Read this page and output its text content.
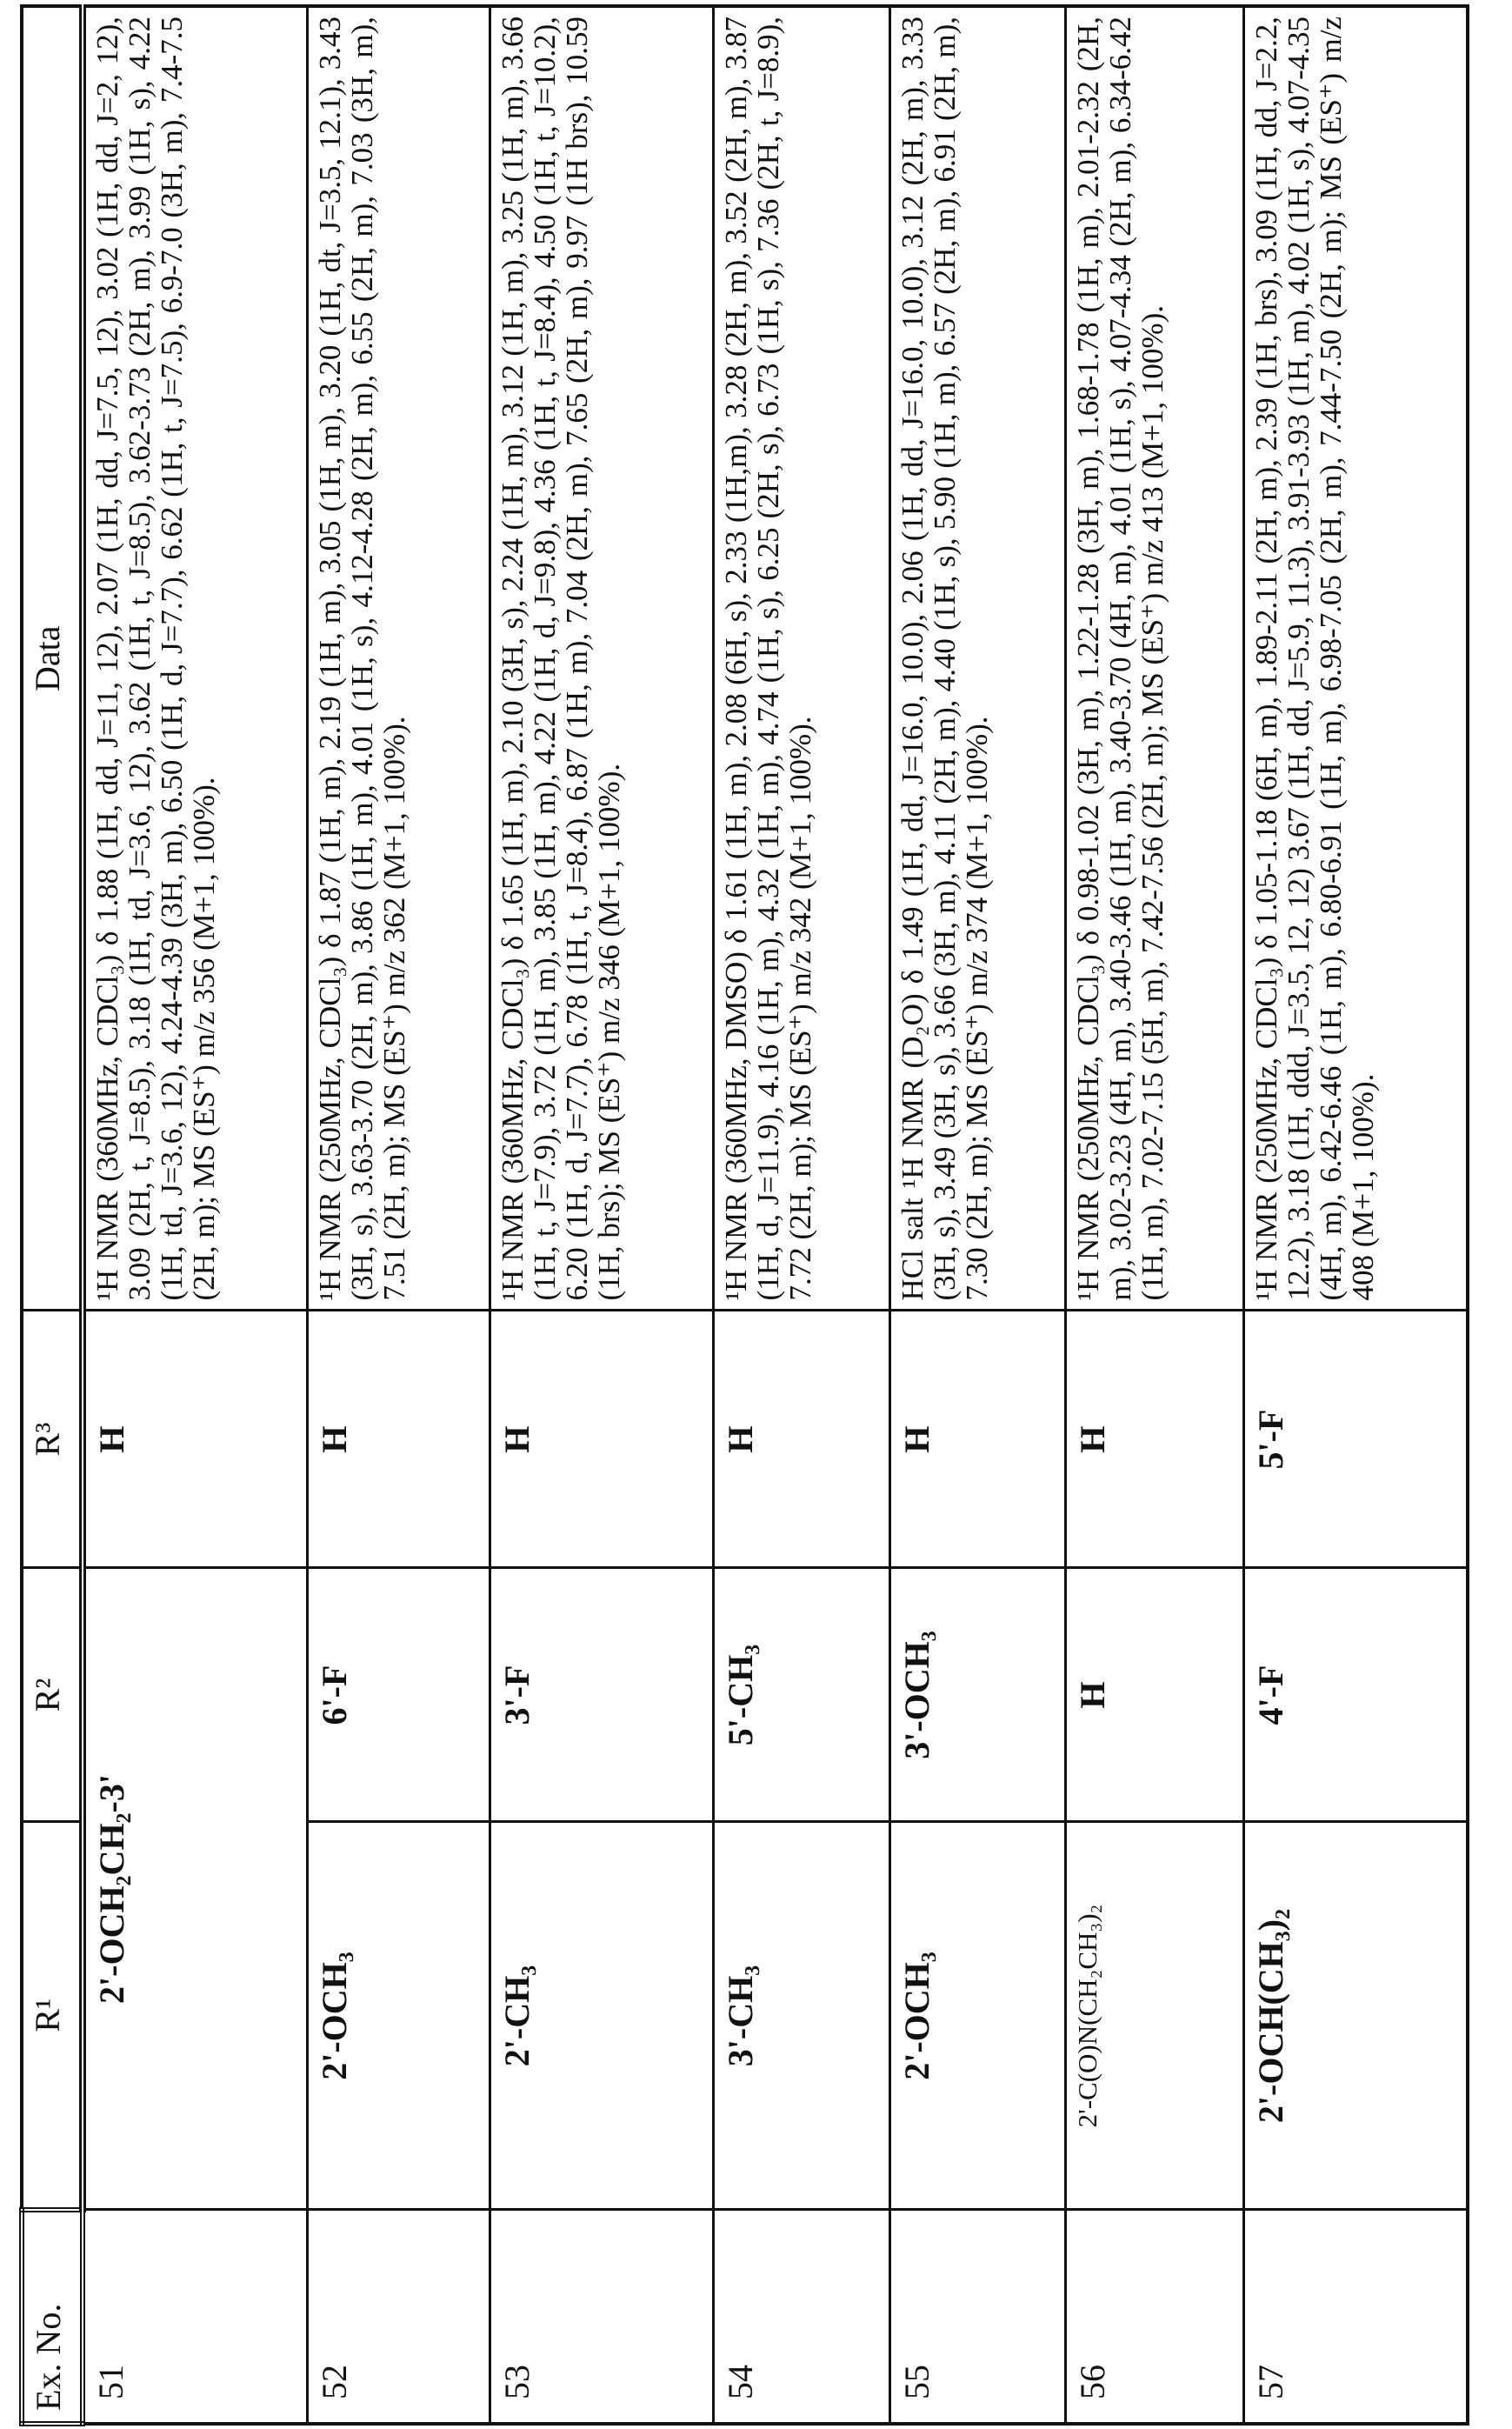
Ex. No.	R¹	R²	R³	Data
51	2'-OCH₂CH₂-3'	H	¹H NMR (360MHz, CDCl₃) δ 1.88 (1H, dd, J=11, 12), 2.07 (1H, dd, J=7.5, 12), 3.02 (1H, dd, J=2, 12), 3.09 (2H, t, J=8.5), 3.18 (1H, td, J=3.6, 12), 3.62 (1H, t, J=8.5), 3.62-3.73 (2H, m), 3.99 (1H, s), 4.22 (1H, td, J=3.6, 12), 4.24-4.39 (3H, m), 6.50 (1H, d, J=7.7), 6.62 (1H, t, J=7.5), 6.9-7.0 (3H, m), 7.4-7.5 (2H, m); MS (ES⁺) m/z 356 (M+1, 100%).
52	2'-OCH₃	6'-F	H	¹H NMR (250MHz, CDCl₃) δ 1.87 (1H, m), 2.19 (1H, m), 3.05 (1H, m), 3.20 (1H, dt, J=3.5, 12.1), 3.43 (3H, s), 3.63-3.70 (2H, m), 3.86 (1H, m), 4.01 (1H, s), 4.12-4.28 (2H, m), 6.55 (2H, m), 7.03 (3H, m), 7.51 (2H, m); MS (ES⁺) m/z 362 (M+1, 100%).
53	2'-CH₃	3'-F	H	¹H NMR (360MHz, CDCl₃) δ 1.65 (1H, m), 2.10 (3H, s), 2.24 (1H, m), 3.12 (1H, m), 3.25 (1H, m), 3.66 (1H, t, J=7.9), 3.72 (1H, m), 3.85 (1H, m), 4.22 (1H, d, J=9.8), 4.36 (1H, t, J=8.4), 4.50 (1H, t, J=10.2), 6.20 (1H, d, J=7.7), 6.78 (1H, t, J=8.4), 6.87 (1H, m), 7.04 (2H, m), 7.65 (2H, m), 9.97 (1H brs), 10.59 (1H, brs); MS (ES⁺) m/z 346 (M+1, 100%).
54	3'-CH₃	5'-CH₃	H	¹H NMR (360MHz, DMSO) δ 1.61 (1H, m), 2.08 (6H, s), 2.33 (1H,m), 3.28 (2H, m), 3.52 (2H, m), 3.87 (1H, d, J=11.9), 4.16 (1H, m), 4.32 (1H, m), 4.74 (1H, s), 6.25 (2H, s), 6.73 (1H, s), 7.36 (2H, t, J=8.9), 7.72 (2H, m); MS (ES⁺) m/z 342 (M+1, 100%).
55	2'-OCH₃	3'-OCH₃	H	HCl salt ¹H NMR (D₂O) δ 1.49 (1H, dd, J=16.0, 10.0), 2.06 (1H, dd, J=16.0, 10.0), 3.12 (2H, m), 3.33 (3H, s), 3.49 (3H, s), 3.66 (3H, m), 4.11 (2H, m), 4.40 (1H, s), 5.90 (1H, m), 6.57 (2H, m), 6.91 (2H, m), 7.30 (2H, m); MS (ES⁺) m/z 374 (M+1, 100%).
56	2'-C(O)N(CH₂CH₃)₂	H	H	¹H NMR (250MHz, CDCl₃) δ 0.98-1.02 (3H, m), 1.22-1.28 (3H, m), 1.68-1.78 (1H, m), 2.01-2.32 (2H, m), 3.02-3.23 (4H, m), 3.40-3.46 (1H, m), 3.40-3.70 (4H, m), 4.01 (1H, s), 4.07-4.34 (2H, m), 6.34-6.42 (1H, m), 7.02-7.15 (5H, m), 7.42-7.56 (2H, m); MS (ES⁺) m/z 413 (M+1, 100%).
57	2'-OCH(CH₃)₂	4'-F	5'-F	¹H NMR (250MHz, CDCl₃) δ 1.05-1.18 (6H, m), 1.89-2.11 (2H, m), 2.39 (1H, brs), 3.09 (1H, dd, J=2.2, 12.2), 3.18 (1H, ddd, J=3.5, 12, 12) 3.67 (1H, dd, J=5.9, 11.3), 3.91-3.93 (1H, m), 4.02 (1H, s), 4.07-4.35 (4H, m), 6.42-6.46 (1H, m), 6.80-6.91 (1H, m), 6.98-7.05 (2H, m), 7.44-7.50 (2H, m); MS (ES⁺) m/z 408 (M+1, 100%).
